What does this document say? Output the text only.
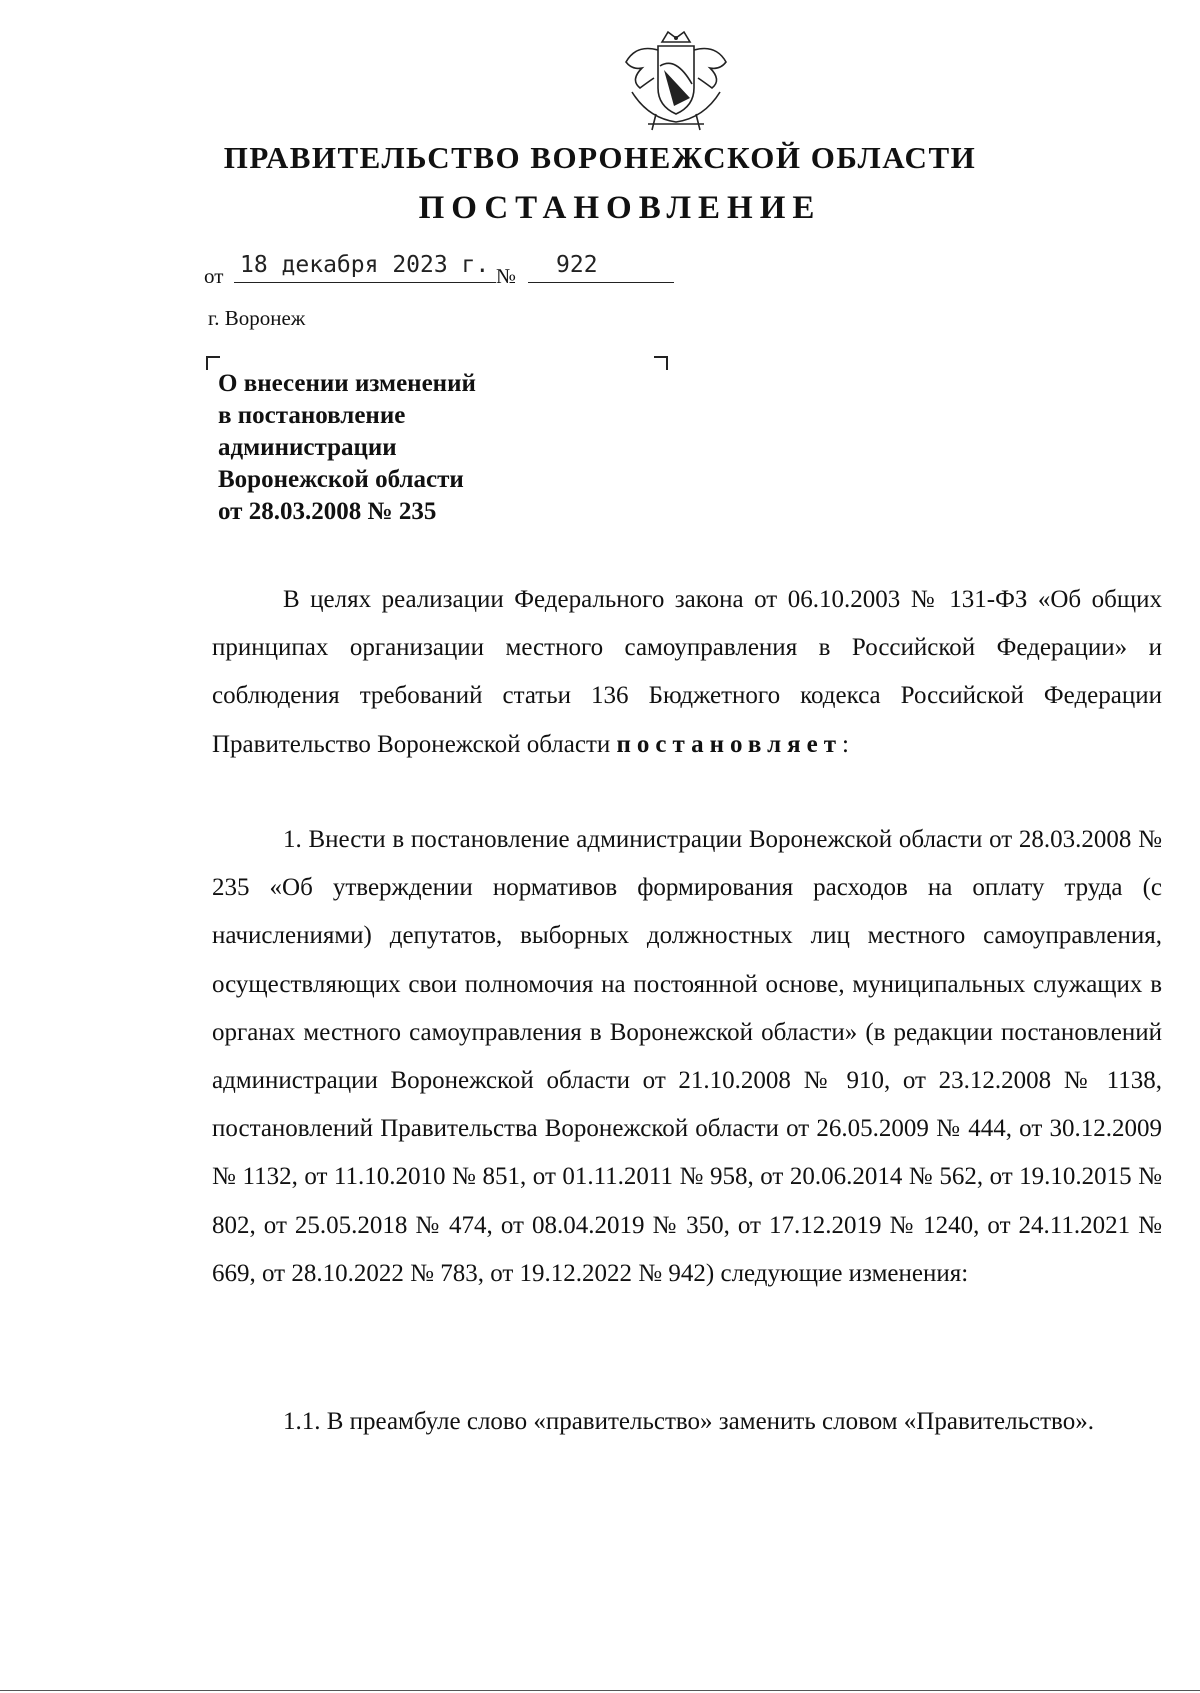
ПРАВИТЕЛЬСТВО ВОРОНЕЖСКОЙ ОБЛАСТИ
ПОСТАНОВЛЕНИЕ
от 18 декабря 2023 г. № 922

г. Воронеж

О внесении изменений
в постановление
администрации
Воронежской области
от 28.03.2008 № 235

В целях реализации Федерального закона от 06.10.2003 № 131-ФЗ «Об общих принципах организации местного самоуправления в Российской Федерации» и соблюдения требований статьи 136 Бюджетного кодекса Российской Федерации Правительство Воронежской области постановляет:

1. Внести в постановление администрации Воронежской области от 28.03.2008 № 235 «Об утверждении нормативов формирования расходов на оплату труда (с начислениями) депутатов, выборных должностных лиц местного самоуправления, осуществляющих свои полномочия на постоянной основе, муниципальных служащих в органах местного самоуправления в Воронежской области» (в редакции постановлений администрации Воронежской области от 21.10.2008 № 910, от 23.12.2008 № 1138, постановлений Правительства Воронежской области от 26.05.2009 № 444, от 30.12.2009 № 1132, от 11.10.2010 № 851, от 01.11.2011 № 958, от 20.06.2014 № 562, от 19.10.2015 № 802, от 25.05.2018 № 474, от 08.04.2019 № 350, от 17.12.2019 № 1240, от 24.11.2021 № 669, от 28.10.2022 № 783, от 19.12.2022 № 942) следующие изменения:

1.1. В преамбуле слово «правительство» заменить словом «Правительство».
